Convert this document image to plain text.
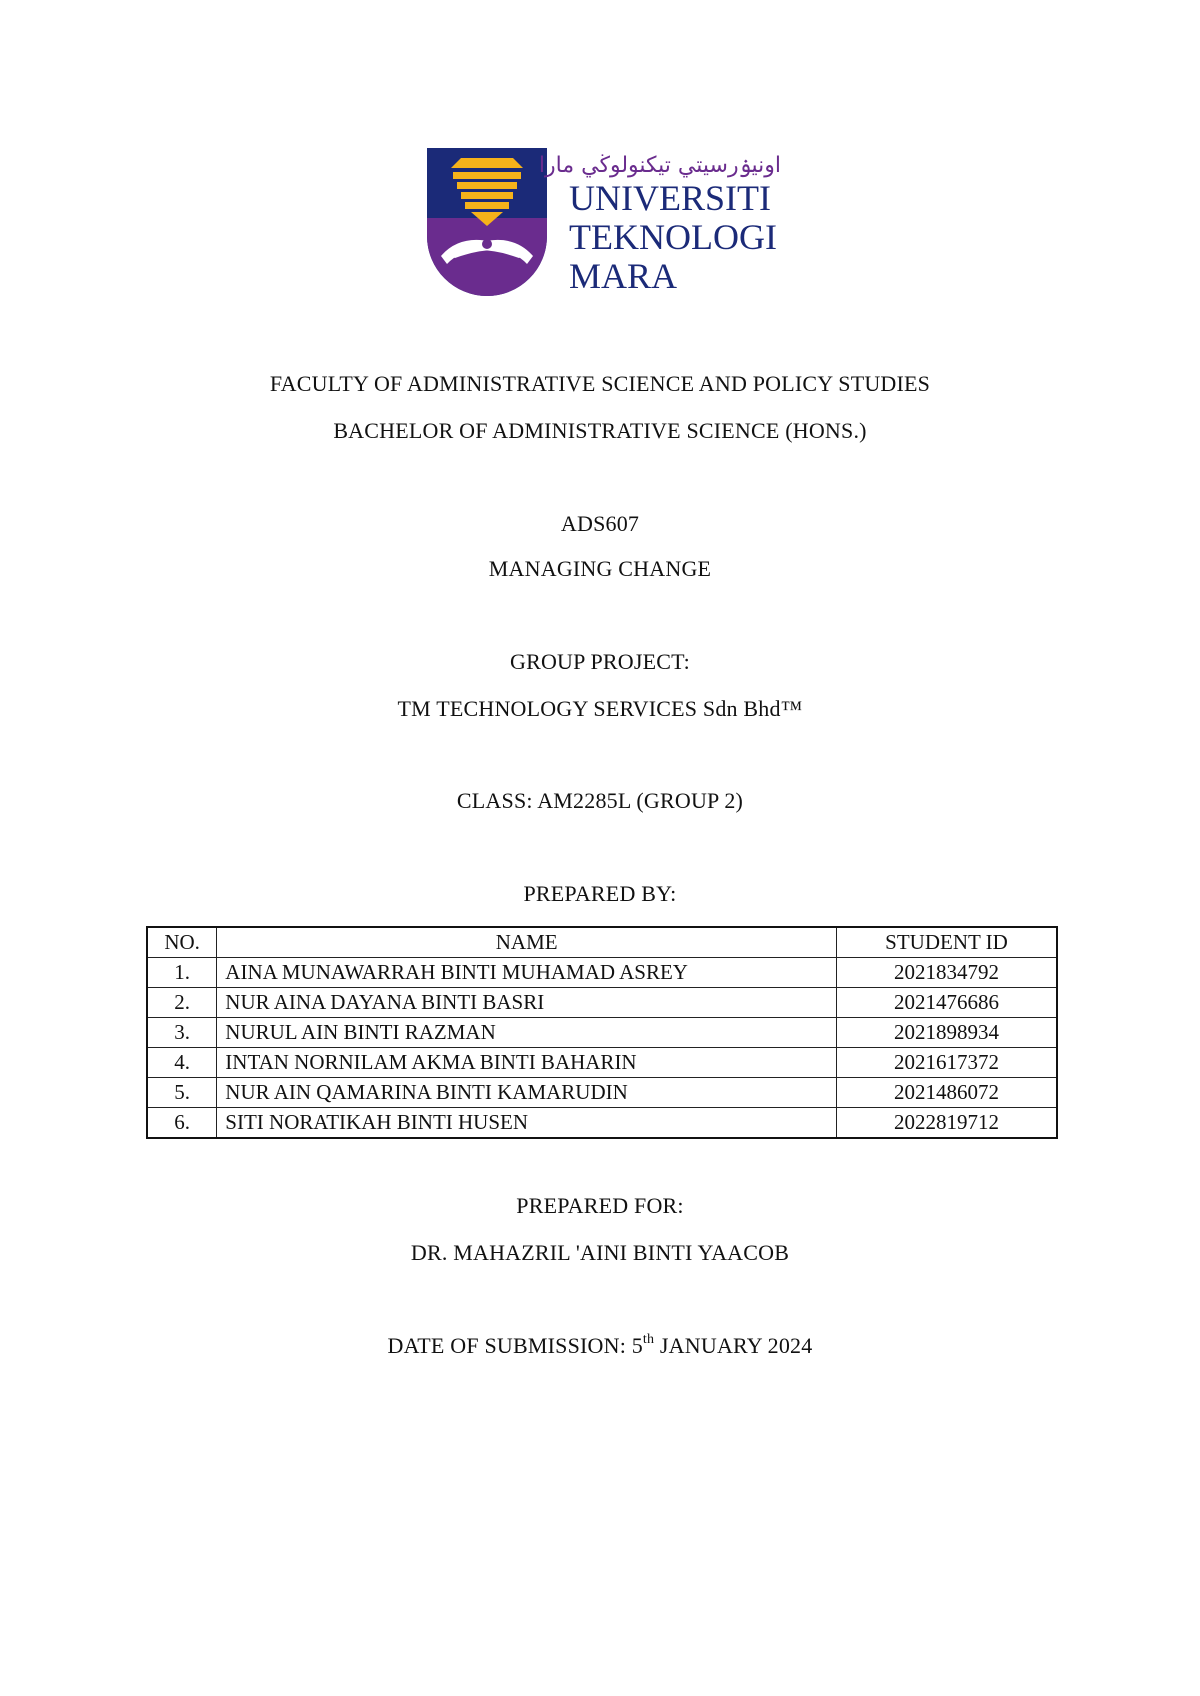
اونيۏرسيتي تيكنولوڬي مارا
UNIVERSITI
TEKNOLOGI
MARA
FACULTY OF ADMINISTRATIVE SCIENCE AND POLICY STUDIES
BACHELOR OF ADMINISTRATIVE SCIENCE (HONS.)
ADS607
MANAGING CHANGE
GROUP PROJECT:
TM TECHNOLOGY SERVICES Sdn Bhd™
CLASS: AM2285L (GROUP 2)
PREPARED BY:
NO.	NAME	STUDENT ID
1.	AINA MUNAWARRAH BINTI MUHAMAD ASREY	2021834792
2.	NUR AINA DAYANA BINTI BASRI	2021476686
3.	NURUL AIN BINTI RAZMAN	2021898934
4.	INTAN NORNILAM AKMA BINTI BAHARIN	2021617372
5.	NUR AIN QAMARINA BINTI KAMARUDIN	2021486072
6.	SITI NORATIKAH BINTI HUSEN	2022819712
PREPARED FOR:
DR. MAHAZRIL 'AINI BINTI YAACOB
DATE OF SUBMISSION: 5th JANUARY 2024
